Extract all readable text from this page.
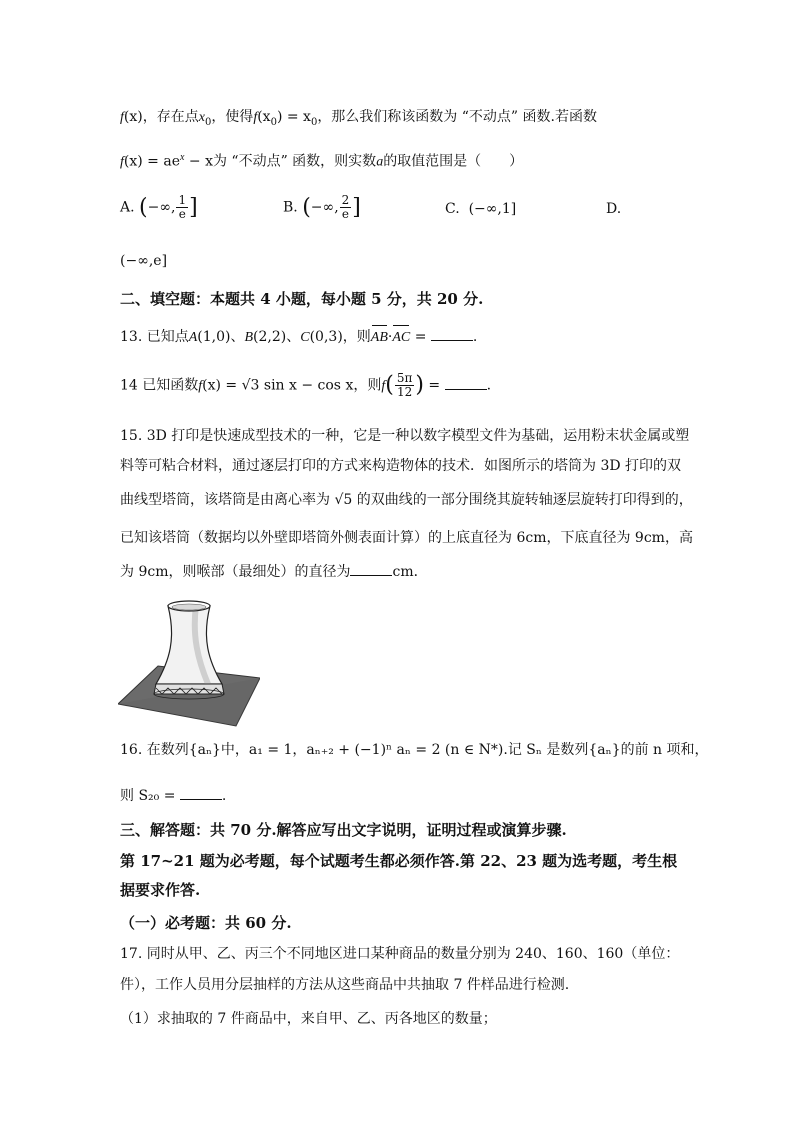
f(x)，存在点$x_0$，使得$f(x_0) = x_0$，那么我们称该函数为 “不动点” 函数.若函数
$f(x) = ae^x - x$为 “不动点” 函数，则实数a的取值范围是（　　）
A. (−∞, $\frac{1}{e}$ ]	B. (−∞, $\frac{2}{e}$ ]	C. (−∞,1]	D.
(−∞,e]
二、填空题：本题共 4 小题，每小题 5 分，共 20 分.
13. 已知点A(1,0)、B(2,2)、C(0,3)，则AB·AC =	.
14 已知函数f(x) = √3 sin x − cos x，则$f( \frac{5\pi}{12}$ ) =	.
15. 3D 打印是快速成型技术的一种，它是一种以数字模型文件为基础，运用粉末状金属或塑
料等可粘合材料，通过逐层打印的方式来构造物体的技术．如图所示的塔筒为 3D 打印的双
曲线型塔筒，该塔筒是由离心率为 √5 的双曲线的一部分围绕其旋转轴逐层旋转打印得到的，
已知该塔筒（数据均以外壁即塔筒外侧表面计算）的上底直径为 6cm，下底直径为 9cm，高
为 9cm，则喉部（最细处）的直径为	cm．
16. 在数列{aₙ}中，a₁ = 1，aₙ₊₂ + (−1)ⁿ aₙ = 2 (n ∈ N*).记 Sₙ 是数列{aₙ}的前 n 项和，
则 S₂₀ =	.
三、解答题：共 70 分.解答应写出文字说明，证明过程或演算步骤.
第 17~21 题为必考题，每个试题考生都必须作答.第 22、23 题为选考题，考生根
据要求作答.
（一）必考题：共 60 分.
17. 同时从甲、乙、丙三个不同地区进口某种商品的数量分别为 240、160、160（单位：
件），工作人员用分层抽样的方法从这些商品中共抽取 7 件样品进行检测.
（1）求抽取的 7 件商品中，来自甲、乙、丙各地区的数量；
